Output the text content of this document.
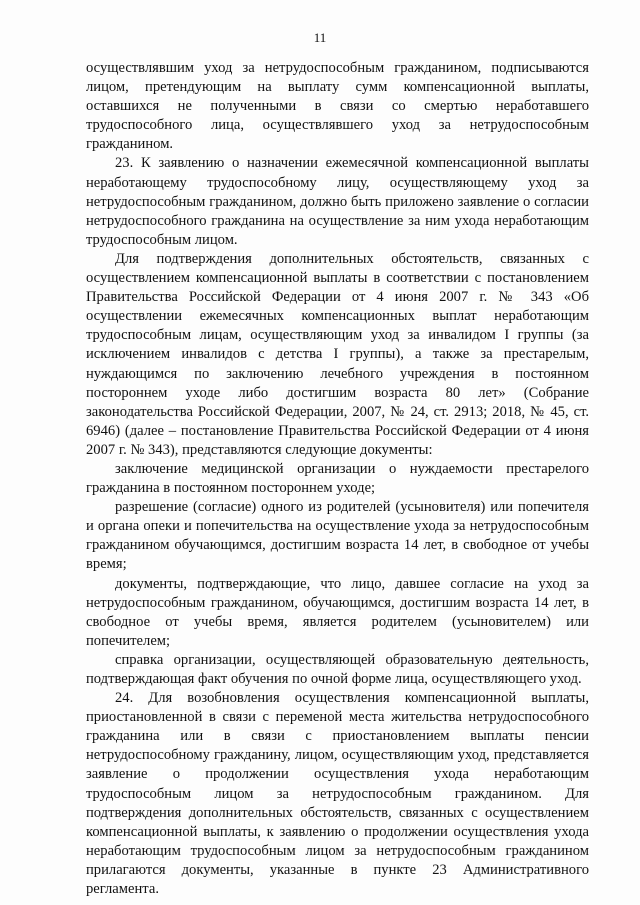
11

осуществлявшим уход за нетрудоспособным гражданином, подписываются лицом, претендующим на выплату сумм компенсационной выплаты, оставшихся не полученными в связи со смертью неработавшего трудоспособного лица, осуществлявшего уход за нетрудоспособным гражданином.

23. К заявлению о назначении ежемесячной компенсационной выплаты неработающему трудоспособному лицу, осуществляющему уход за нетрудоспособным гражданином, должно быть приложено заявление о согласии нетрудоспособного гражданина на осуществление за ним ухода неработающим трудоспособным лицом.

Для подтверждения дополнительных обстоятельств, связанных с осуществлением компенсационной выплаты в соответствии с постановлением Правительства Российской Федерации от 4 июня 2007 г. № 343 «Об осуществлении ежемесячных компенсационных выплат неработающим трудоспособным лицам, осуществляющим уход за инвалидом I группы (за исключением инвалидов с детства I группы), а также за престарелым, нуждающимся по заключению лечебного учреждения в постоянном постороннем уходе либо достигшим возраста 80 лет» (Собрание законодательства Российской Федерации, 2007, № 24, ст. 2913; 2018, № 45, ст. 6946) (далее – постановление Правительства Российской Федерации от 4 июня 2007 г. № 343), представляются следующие документы:

заключение медицинской организации о нуждаемости престарелого гражданина в постоянном постороннем уходе;

разрешение (согласие) одного из родителей (усыновителя) или попечителя и органа опеки и попечительства на осуществление ухода за нетрудоспособным гражданином обучающимся, достигшим возраста 14 лет, в свободное от учебы время;

документы, подтверждающие, что лицо, давшее согласие на уход за нетрудоспособным гражданином, обучающимся, достигшим возраста 14 лет, в свободное от учебы время, является родителем (усыновителем) или попечителем;

справка организации, осуществляющей образовательную деятельность, подтверждающая факт обучения по очной форме лица, осуществляющего уход.

24. Для возобновления осуществления компенсационной выплаты, приостановленной в связи с переменой места жительства нетрудоспособного гражданина или в связи с приостановлением выплаты пенсии нетрудоспособному гражданину, лицом, осуществляющим уход, представляется заявление о продолжении осуществления ухода неработающим трудоспособным лицом за нетрудоспособным гражданином. Для подтверждения дополнительных обстоятельств, связанных с осуществлением компенсационной выплаты, к заявлению о продолжении осуществления ухода неработающим трудоспособным лицом за нетрудоспособным гражданином прилагаются документы, указанные в пункте 23 Административного регламента.
